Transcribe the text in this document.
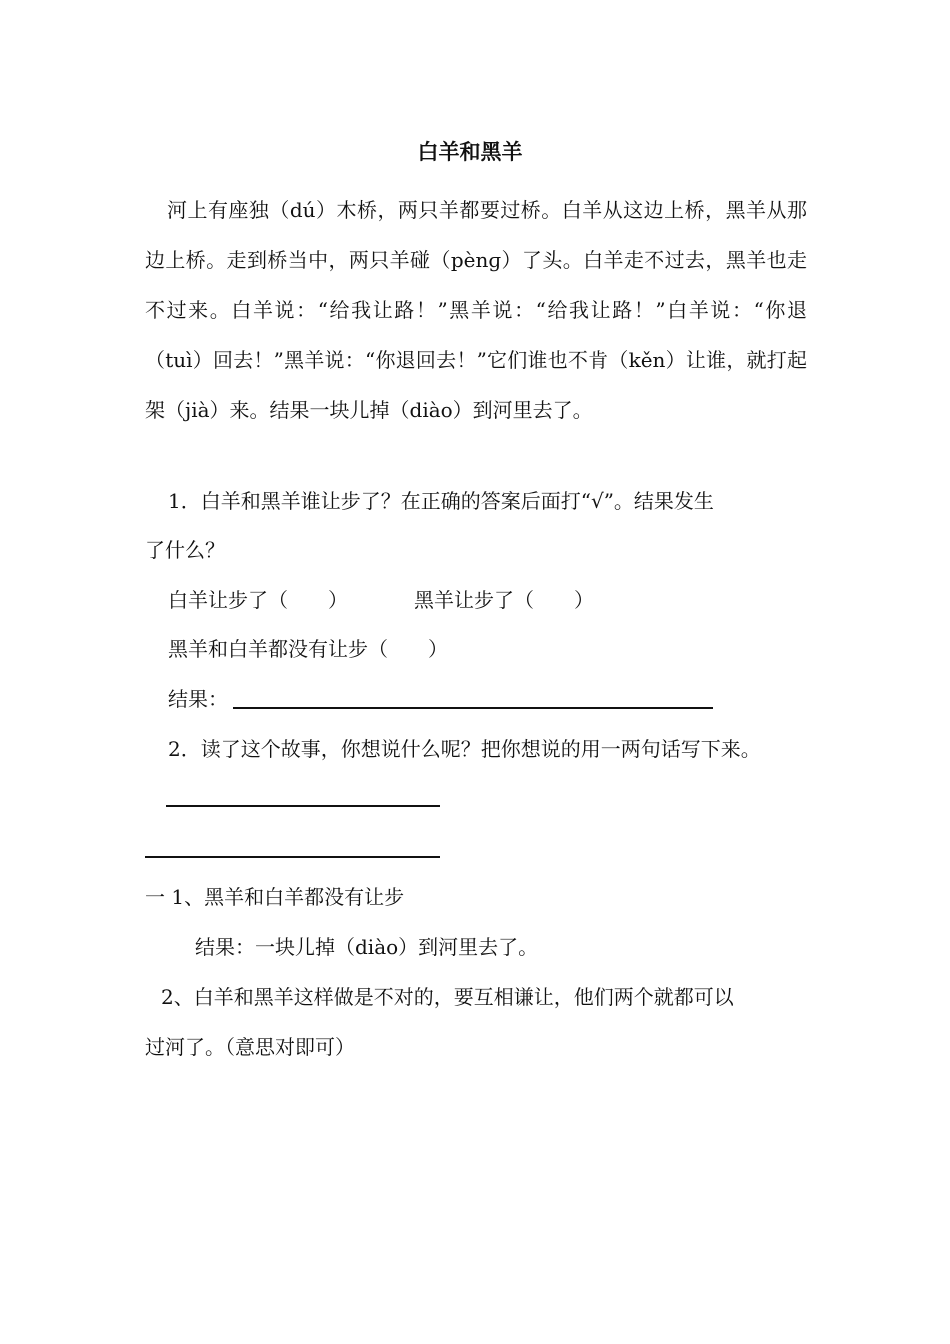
白羊和黑羊

河上有座独（dú）木桥，两只羊都要过桥。白羊从这边上桥，黑羊从那边上桥。走到桥当中，两只羊碰（pènɡ）了头。白羊走不过去，黑羊也走不过来。白羊说：“给我让路！”黑羊说：“给我让路！”白羊说：“你退（tuì）回去！”黑羊说：“你退回去！”它们谁也不肯（kěn）让谁，就打起架（jià）来。结果一块儿掉（diào）到河里去了。

1．白羊和黑羊谁让步了？在正确的答案后面打“√”。结果发生
了什么？
白羊让步了（　　）	黑羊让步了（　　）
黑羊和白羊都没有让步（　　）
结果：
2．读了这个故事，你想说什么呢？把你想说的用一两句话写下来。
一 1、黑羊和白羊都没有让步
结果：一块儿掉（diào）到河里去了。
2、白羊和黑羊这样做是不对的，要互相谦让，他们两个就都可以
过河了。（意思对即可）
